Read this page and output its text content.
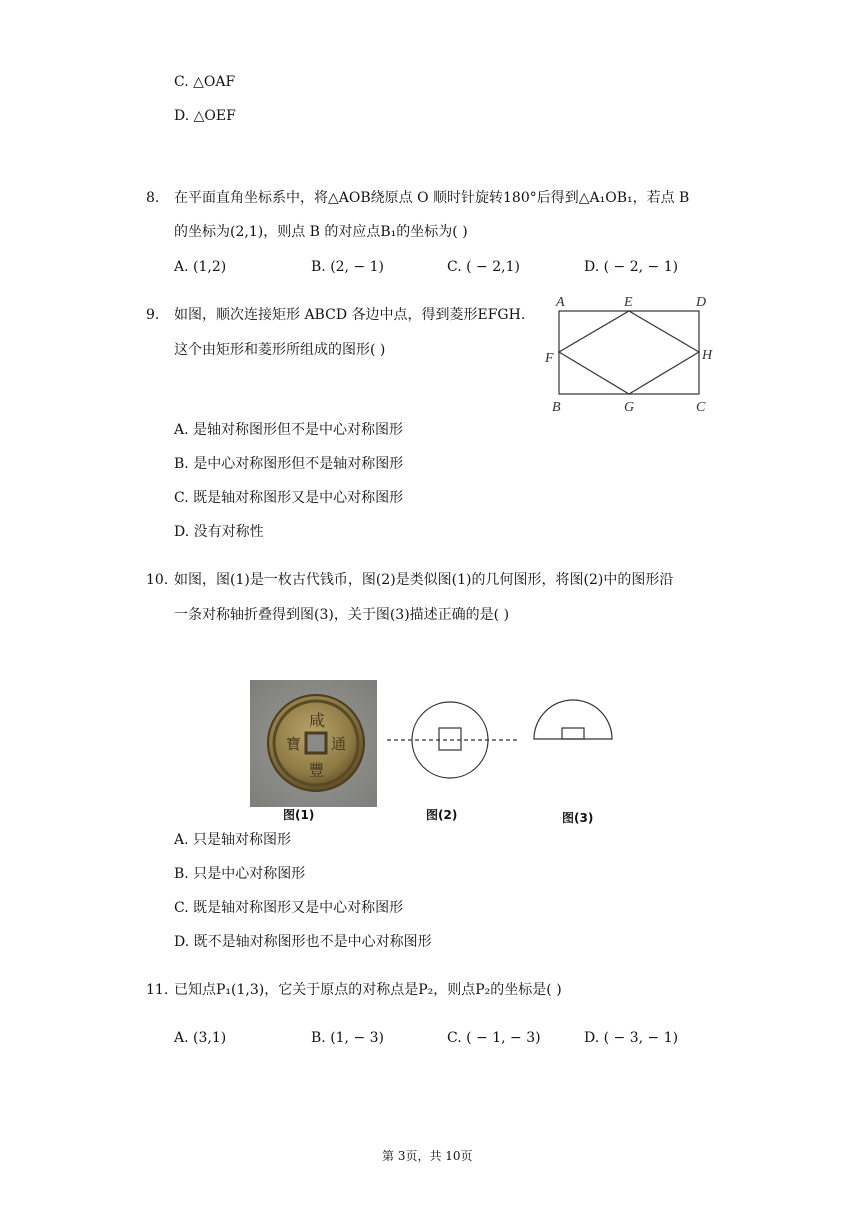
C. △OAF
D. △OEF
8. 在平面直角坐标系中，将△AOB绕原点 O 顺时针旋转180°后得到△A₁OB₁，若点 B
的坐标为(2,1)，则点 B 的对应点B₁的坐标为( )
A. (1,2)	B. (2, − 1)	C. ( − 2,1)	D. ( − 2, − 1)
9. 如图，顺次连接矩形 ABCD 各边中点，得到菱形EFGH.
这个由矩形和菱形所组成的图形( )
A	E	D
F	H
B	G	C
A. 是轴对称图形但不是中心对称图形
B. 是中心对称图形但不是轴对称图形
C. 既是轴对称图形又是中心对称图形
D. 没有对称性
10. 如图，图(1)是一枚古代钱币，图(2)是类似图(1)的几何图形，将图(2)中的图形沿
一条对称轴折叠得到图(3)，关于图(3)描述正确的是( )
咸
通
豐
寶
图(1)	图(2)	图(3)
A. 只是轴对称图形
B. 只是中心对称图形
C. 既是轴对称图形又是中心对称图形
D. 既不是轴对称图形也不是中心对称图形
11. 已知点P₁(1,3)，它关于原点的对称点是P₂，则点P₂的坐标是( )
A. (3,1)	B. (1, − 3)	C. ( − 1, − 3)	D. ( − 3, − 1)
第 3页，共 10页
